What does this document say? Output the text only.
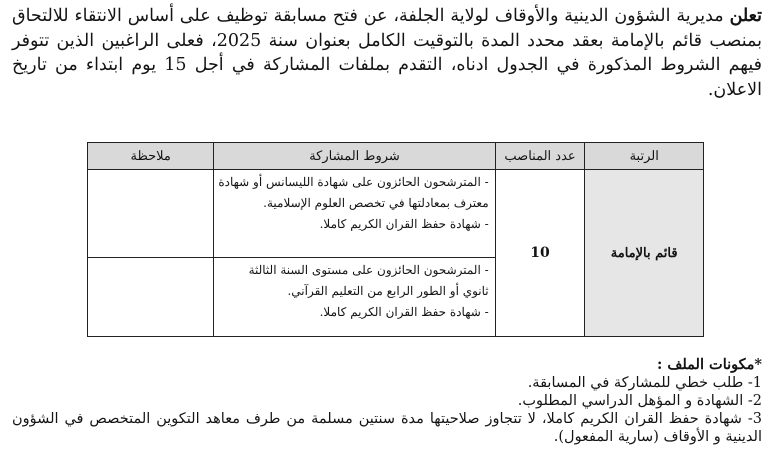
تعلن مديرية الشؤون الدينية والأوقاف لولاية الجلفة، عن فتح مسابقة توظيف على أساس الانتقاء للالتحاق بمنصب قائم بالإمامة بعقد محدد المدة بالتوقيت الكامل بعنوان سنة 2025، فعلى الراغبين الذين تتوفر فيهم الشروط المذكورة في الجدول ادناه، التقدم بملفات المشاركة في أجل 15 يوم ابتداء من تاريخ الاعلان.

الرتبة	عدد المناصب	شروط المشاركة	ملاحظة
قائم بالإمامة	10	- المترشحون الحائزون على شهادة الليسانس أو شهادة
معترف بمعادلتها في تخصص العلوم الإسلامية.
- شهادة حفظ القران الكريم كاملا.	

		- المترشحون الحائزون على مستوى السنة الثالثة
ثانوي أو الطور الرابع من التعليم القرآني.
- شهادة حفظ القران الكريم كاملا.	

*مكونات الملف :
1- طلب خطي للمشاركة في المسابقة.
2- الشهادة و المؤهل الدراسي المطلوب.
3- شهادة حفظ القران الكريم كاملا، لا تتجاوز صلاحيتها مدة سنتين مسلمة من طرف معاهد التكوين المتخصص في الشؤون الدينية و الأوقاف (سارية المفعول).
